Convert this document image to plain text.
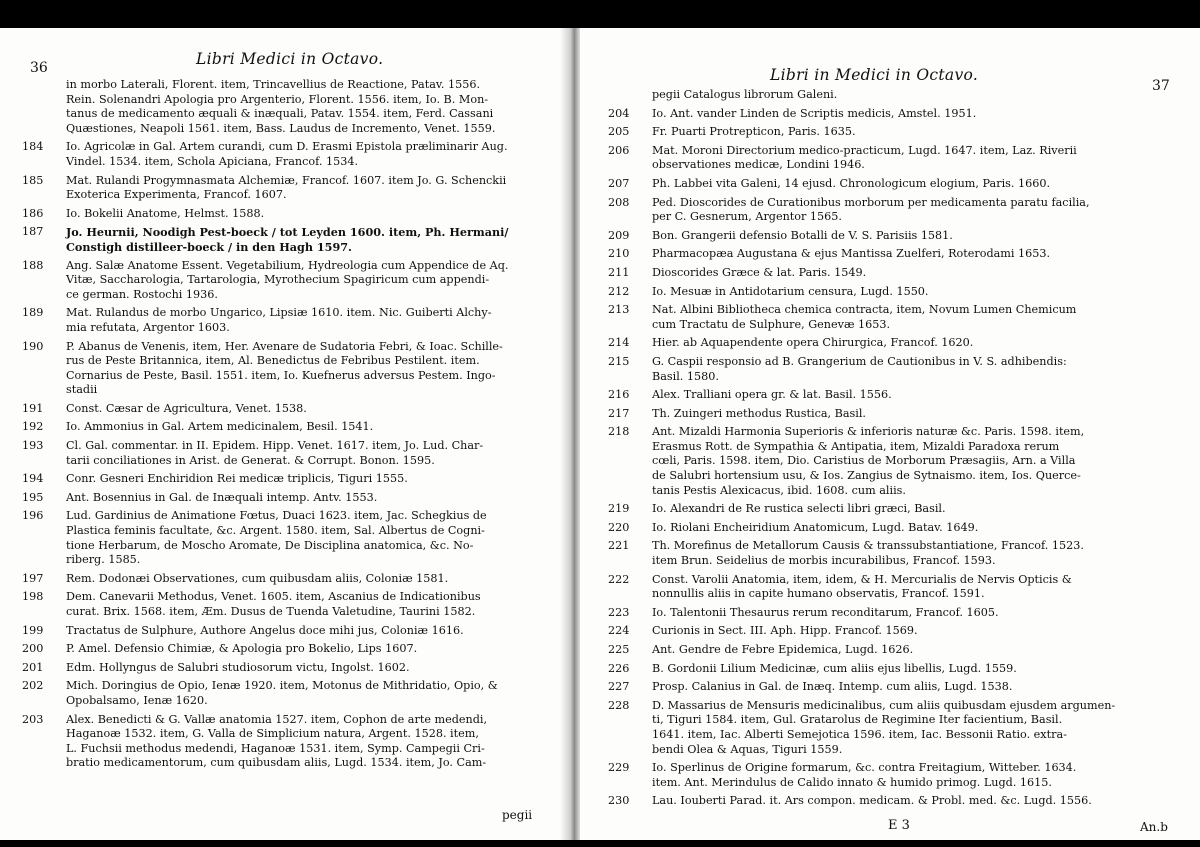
36	Libri Medici in Octavo.
in morbo Laterali, Florent. item, Trincavellius de Reactione, Patav. 1556.
Rein. Solenandri Apologia pro Argenterio, Florent. 1556. item, Io. B. Mon-
tanus de medicamento æquali & inæquali, Patav. 1554. item, Ferd. Cassani
Quæstiones, Neapoli 1561. item, Bass. Laudus de Incremento, Venet. 1559.
184 Io. Agricolæ in Gal. Artem curandi, cum D. Erasmi Epistola præliminarir Aug.
Vindel. 1534. item, Schola Apiciana, Francof. 1534.
185 Mat. Rulandi Progymnasmata Alchemiæ, Francof. 1607. item Jo. G. Schenckii
Exoterica Experimenta, Francof. 1607.
186 Io. Bokelii Anatome, Helmst. 1588.
187 Jo. Heurnii, Noodigh Pest-boeck / tot Leyden 1600. item, Ph. Hermani/
Constigh distilleer-boeck / in den Hagh 1597.
188 Ang. Salæ Anatome Essent. Vegetabilium, Hydreologia cum Appendice de Aq.
Vitæ, Saccharologia, Tartarologia, Myrothecium Spagiricum cum appendi-
ce german. Rostochi 1936.
189 Mat. Rulandus de morbo Ungarico, Lipsiæ 1610. item. Nic. Guiberti Alchy-
mia refutata, Argentor 1603.
190 P. Abanus de Venenis, item, Her. Avenare de Sudatoria Febri, & Ioac. Schille-
rus de Peste Britannica, item, Al. Benedictus de Febribus Pestilent. item.
Cornarius de Peste, Basil. 1551. item, Io. Kuefnerus adversus Pestem. Ingo-
stadii
191 Const. Cæsar de Agricultura, Venet. 1538.
192 Io. Ammonius in Gal. Artem medicinalem, Besil. 1541.
193 Cl. Gal. commentar. in II. Epidem. Hipp. Venet. 1617. item, Jo. Lud. Char-
tarii conciliationes in Arist. de Generat. & Corrupt. Bonon. 1595.
194 Conr. Gesneri Enchiridion Rei medicæ triplicis, Tiguri 1555.
195 Ant. Bosennius in Gal. de Inæquali intemp. Antv. 1553.
196 Lud. Gardinius de Animatione Fœtus, Duaci 1623. item, Jac. Schegkius de
Plastica feminis facultate, &c. Argent. 1580. item, Sal. Albertus de Cogni-
tione Herbarum, de Moscho Aromate, De Disciplina anatomica, &c. No-
riberg. 1585.
197 Rem. Dodonæi Observationes, cum quibusdam aliis, Coloniæ 1581.
198 Dem. Canevarii Methodus, Venet. 1605. item, Ascanius de Indicationibus
curat. Brix. 1568. item, Æm. Dusus de Tuenda Valetudine, Taurini 1582.
199 Tractatus de Sulphure, Authore Angelus doce mihi jus, Coloniæ 1616.
200 P. Amel. Defensio Chimiæ, & Apologia pro Bokelio, Lips 1607.
201 Edm. Hollyngus de Salubri studiosorum victu, Ingolst. 1602.
202 Mich. Doringius de Opio, Ienæ 1920. item, Motonus de Mithridatio, Opio, &
Opobalsamo, Ienæ 1620.
203 Alex. Benedicti & G. Vallæ anatomia 1527. item, Cophon de arte medendi,
Haganoæ 1532. item, G. Valla de Simplicium natura, Argent. 1528. item,
L. Fuchsii methodus medendi, Haganoæ 1531. item, Symp. Campegii Cri-
bratio medicamentorum, cum quibusdam aliis, Lugd. 1534. item, Jo. Cam-
pegii
Libri in Medici in Octavo.
37
pegii Catalogus librorum Galeni.
204 Io. Ant. vander Linden de Scriptis medicis, Amstel. 1951.
205 Fr. Puarti Protrepticon, Paris. 1635.
206 Mat. Moroni Directorium medico-practicum, Lugd. 1647. item, Laz. Riverii
observationes medicæ, Londini 1946.
207 Ph. Labbei vita Galeni, 14 ejusd. Chronologicum elogium, Paris. 1660.
208 Ped. Dioscorides de Curationibus morborum per medicamenta paratu facilia,
per C. Gesnerum, Argentor 1565.
209 Bon. Grangerii defensio Botalli de V. S. Parisiis 1581.
210 Pharmacopæa Augustana & ejus Mantissa Zuelferi, Roterodami 1653.
211 Dioscorides Græce & lat. Paris. 1549.
212 Io. Mesuæ in Antidotarium censura, Lugd. 1550.
213 Nat. Albini Bibliotheca chemica contracta, item, Novum Lumen Chemicum
cum Tractatu de Sulphure, Genevæ 1653.
214 Hier. ab Aquapendente opera Chirurgica, Francof. 1620.
215 G. Caspii responsio ad B. Grangerium de Cautionibus in V. S. adhibendis:
Basil. 1580.
216 Alex. Tralliani opera gr. & lat. Basil. 1556.
217 Th. Zuingeri methodus Rustica, Basil.
218 Ant. Mizaldi Harmonia Superioris & inferioris naturæ &c. Paris. 1598. item,
Erasmus Rott. de Sympathia & Antipatia, item, Mizaldi Paradoxa rerum
cœli, Paris. 1598. item, Dio. Caristius de Morborum Præsagiis, Arn. a Villa
de Salubri hortensium usu, & Ios. Zangius de Sytnaismo. item, Ios. Querce-
tanis Pestis Alexicacus, ibid. 1608. cum aliis.
219 Io. Alexandri de Re rustica selecti libri græci, Basil.
220 Io. Riolani Encheiridium Anatomicum, Lugd. Batav. 1649.
221 Th. Morefinus de Metallorum Causis & transsubstantiatione, Francof. 1523.
item Brun. Seidelius de morbis incurabilibus, Francof. 1593.
222 Const. Varolii Anatomia, item, idem, & H. Mercurialis de Nervis Opticis &
nonnullis aliis in capite humano observatis, Francof. 1591.
223 Io. Talentonii Thesaurus rerum reconditarum, Francof. 1605.
224 Curionis in Sect. III. Aph. Hipp. Francof. 1569.
225 Ant. Gendre de Febre Epidemica, Lugd. 1626.
226 B. Gordonii Lilium Medicinæ, cum aliis ejus libellis, Lugd. 1559.
227 Prosp. Calanius in Gal. de Inæq. Intemp. cum aliis, Lugd. 1538.
228 D. Massarius de Mensuris medicinalibus, cum aliis quibusdam ejusdem argumen-
ti, Tiguri 1584. item, Gul. Gratarolus de Regimine Iter facientium, Basil.
1641. item, Iac. Alberti Semejotica 1596. item, Iac. Bessonii Ratio. extra-
bendi Olea & Aquas, Tiguri 1559.
229 Io. Sperlinus de Origine formarum, &c. contra Freitagium, Witteber. 1634.
item. Ant. Merindulus de Calido innato & humido primog. Lugd. 1615.
230 Lau. Iouberti Parad. it. Ars compon. medicam. & Probl. med. &c. Lugd. 1556.
E 3	An.b
